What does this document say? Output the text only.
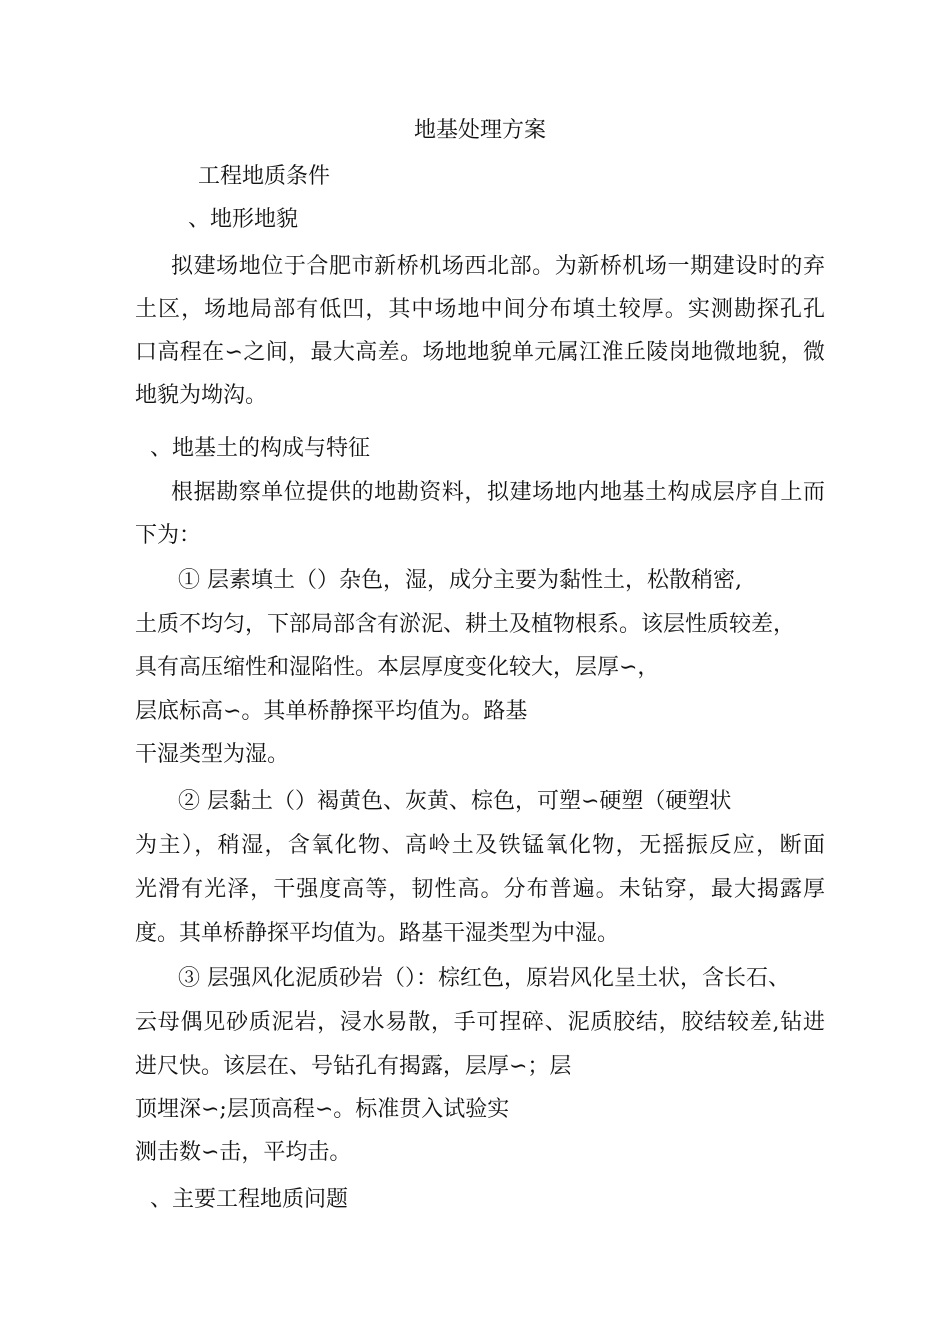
地基处理方案

工程地质条件

、地形地貌

拟建场地位于合肥市新桥机场西北部。为新桥机场一期建设时的弃

土区，场地局部有低凹，其中场地中间分布填土较厚。实测勘探孔孔

口高程在∽之间，最大高差。场地地貌单元属江淮丘陵岗地微地貌，微

地貌为坳沟。

、地基土的构成与特征

根据勘察单位提供的地勘资料，拟建场地内地基土构成层序自上而

下为：

① 层素填土（）杂色，湿，成分主要为黏性土，松散稍密,

土质不均匀，下部局部含有淤泥、耕土及植物根系。该层性质较差，

具有高压缩性和湿陷性。本层厚度变化较大，层厚∽，

层底标高∽。其单桥静探平均值为。路基

干湿类型为湿。

② 层黏土（）褐黄色、灰黄、棕色，可塑∽硬塑（硬塑状

为主），稍湿，含氧化物、高岭土及铁锰氧化物，无摇振反应，断面

光滑有光泽，干强度高等，韧性高。分布普遍。未钻穿，最大揭露厚

度。其单桥静探平均值为。路基干湿类型为中湿。

③ 层强风化泥质砂岩（）：棕红色，原岩风化呈土状，含长石、

云母偶见砂质泥岩，浸水易散，手可捏碎、泥质胶结，胶结较差,钻进

进尺快。该层在、号钻孔有揭露，层厚∽；层

顶埋深∽;层顶高程∽。标准贯入试验实

测击数∽击，平均击。

、主要工程地质问题
